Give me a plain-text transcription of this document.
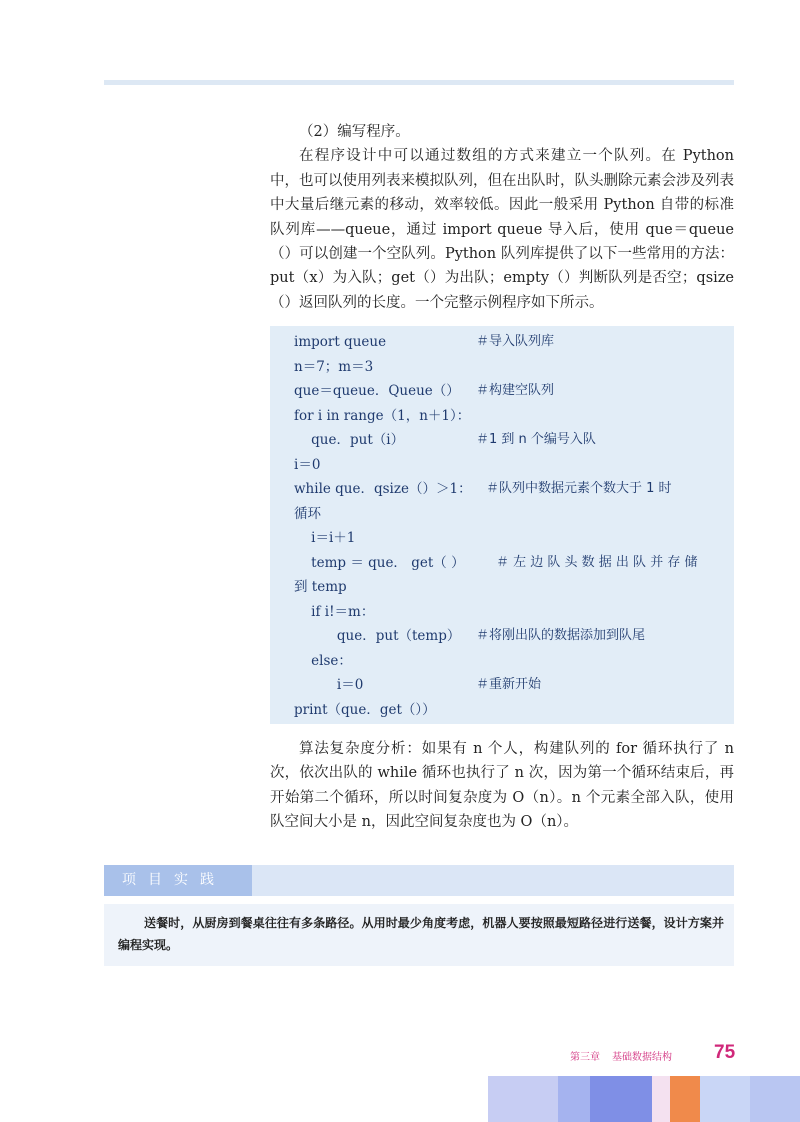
（2）编写程序。

在程序设计中可以通过数组的方式来建立一个队列。在 Python 中，也可以使用列表来模拟队列，但在出队时，队头删除元素会涉及列表中大量后继元素的移动，效率较低。因此一般采用 Python 自带的标准队列库——queue，通过 import queue 导入后，使用 que＝queue（）可以创建一个空队列。Python 队列库提供了以下一些常用的方法：put（x）为入队；get（）为出队；empty（）判断队列是否空；qsize（）返回队列的长度。一个完整示例程序如下所示。

import queue	＃导入队列库
n＝7；m＝3
que＝queue．Queue（） ＃构建空队列
for i in range（1，n＋1）：
que．put（i）	＃1 到 n 个编号入队
i＝0
while que．qsize（）＞1： ＃队列中数据元素个数大于 1 时
循环
i＝i＋1
temp ＝ que． get（ ） ＃ 左 边 队 头 数 据 出 队 并 存 储
到 temp
if i!＝m：
que．put（temp） ＃将刚出队的数据添加到队尾
else：
i＝0	＃重新开始
print（que．get（））

算法复杂度分析：如果有 n 个人，构建队列的 for 循环执行了 n 次，依次出队的 while 循环也执行了 n 次，因为第一个循环结束后，再开始第二个循环，所以时间复杂度为 O（n）。n 个元素全部入队，使用队空间大小是 n，因此空间复杂度也为 O（n）。

项目实践

送餐时，从厨房到餐桌往往有多条路径。从用时最少角度考虑，机器人要按照最短路径进行送餐，设计方案并编程实现。

第三章 基础数据结构 75
